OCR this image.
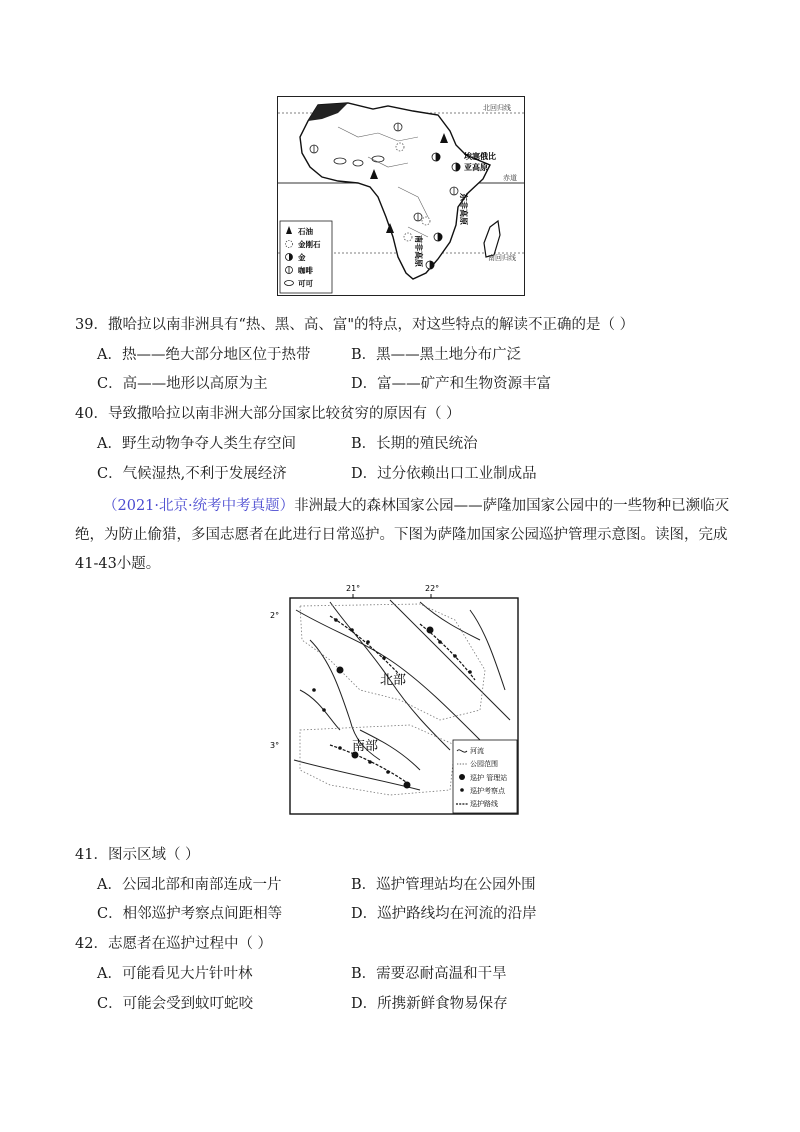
北回归线
赤道
南回归线
埃塞俄比
亚高原
东非高原
南非高原
石油
金刚石
金
咖啡
可可
39．撒哈拉以南非洲具有“热、黑、高、富"的特点，对这些特点的解读不正确的是（ ）
A．热——绝大部分地区位于热带	B．黑——黑土地分布广泛
C．高——地形以高原为主	D．富——矿产和生物资源丰富
40．导致撒哈拉以南非洲大部分国家比较贫穷的原因有（ ）
A．野生动物争夺人类生存空间	B．长期的殖民统治
C．气候湿热,不利于发展经济	D．过分依赖出口工业制成品
（2021·北京·统考中考真题）非洲最大的森林国家公园——萨隆加国家公园中的一些物种已濒临灭绝，为防止偷猎，多国志愿者在此进行日常巡护。下图为萨隆加国家公园巡护管理示意图。读图，完成41-43小题。
21°	22°
2°
3°
北部
南部	河流
公园范围
巡护 管理站
巡护考察点
巡护路线
41．图示区域（ ）
A．公园北部和南部连成一片	B．巡护管理站均在公园外围
C．相邻巡护考察点间距相等	D．巡护路线均在河流的沿岸
42．志愿者在巡护过程中（ ）
A．可能看见大片针叶林	B．需要忍耐高温和干旱
C．可能会受到蚊叮蛇咬	D．所携新鲜食物易保存
